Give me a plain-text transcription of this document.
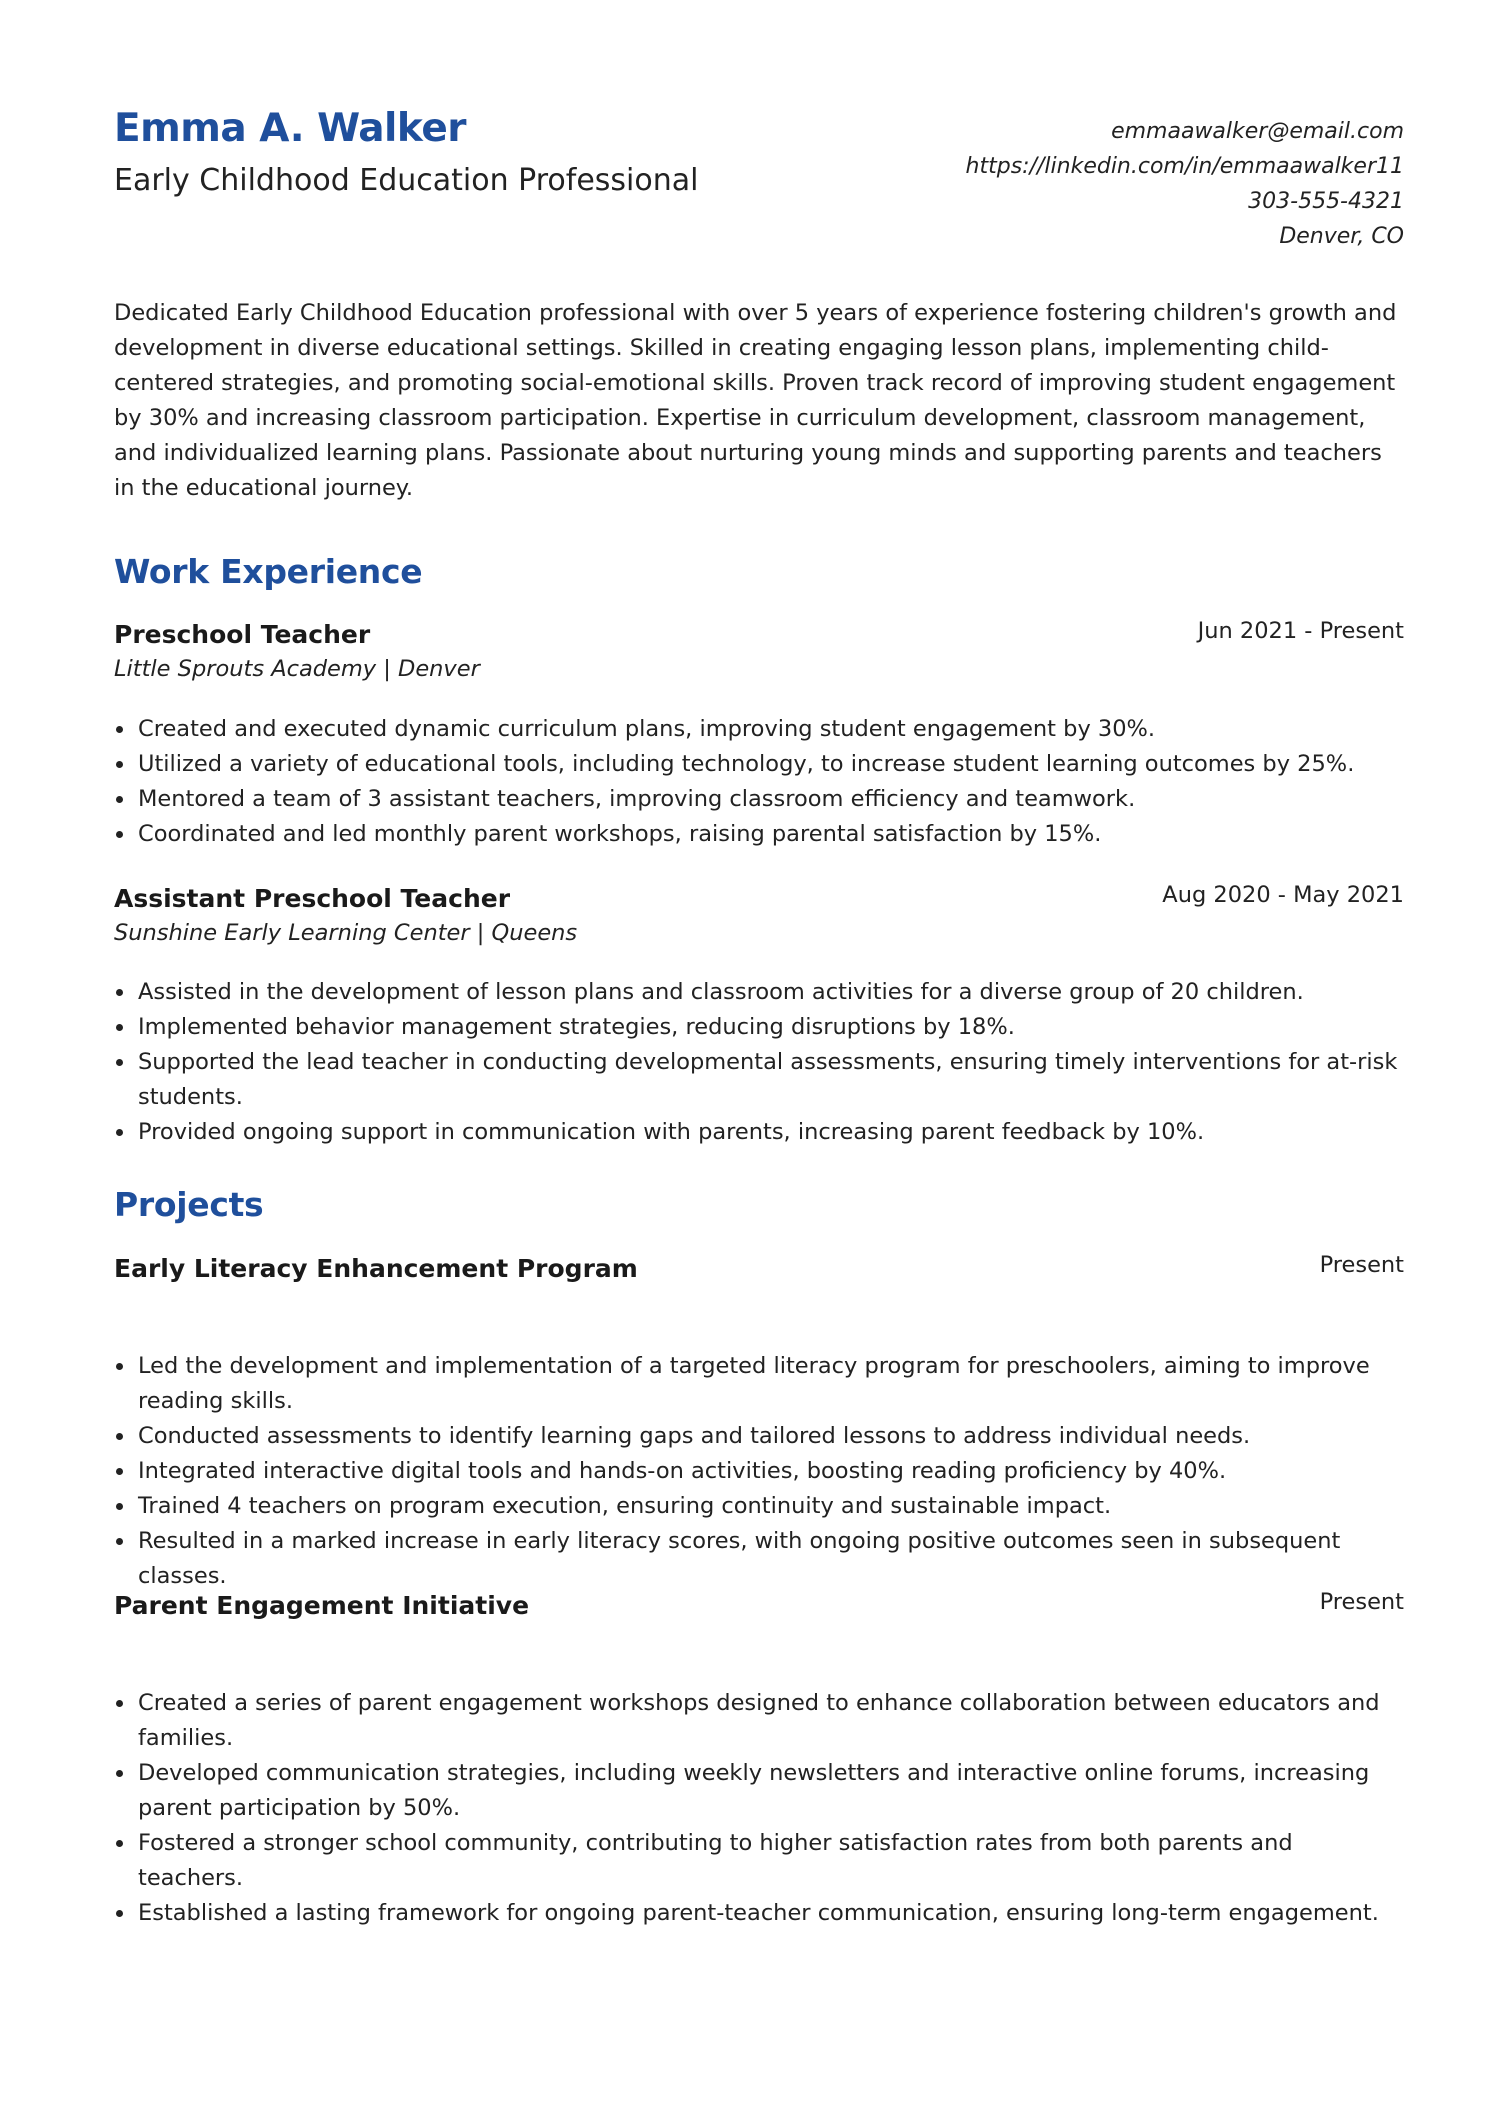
Emma A. Walker
Early Childhood Education Professional
emmaawalker@email.com
https://linkedin.com/in/emmaawalker11
303-555-4321
Denver, CO
Dedicated Early Childhood Education professional with over 5 years of experience fostering children's growth and development in diverse educational settings. Skilled in creating engaging lesson plans, implementing child-centered strategies, and promoting social-emotional skills. Proven track record of improving student engagement by 30% and increasing classroom participation. Expertise in curriculum development, classroom management, and individualized learning plans. Passionate about nurturing young minds and supporting parents and teachers in the educational journey.
Work Experience
Preschool Teacher	Jun 2021 - Present
Little Sprouts Academy | Denver
Created and executed dynamic curriculum plans, improving student engagement by 30%.
Utilized a variety of educational tools, including technology, to increase student learning outcomes by 25%.
Mentored a team of 3 assistant teachers, improving classroom efficiency and teamwork.
Coordinated and led monthly parent workshops, raising parental satisfaction by 15%.
Assistant Preschool Teacher	Aug 2020 - May 2021
Sunshine Early Learning Center | Queens
Assisted in the development of lesson plans and classroom activities for a diverse group of 20 children.
Implemented behavior management strategies, reducing disruptions by 18%.
Supported the lead teacher in conducting developmental assessments, ensuring timely interventions for at-risk students.
Provided ongoing support in communication with parents, increasing parent feedback by 10%.
Projects
Early Literacy Enhancement Program	Present
Led the development and implementation of a targeted literacy program for preschoolers, aiming to improve reading skills.
Conducted assessments to identify learning gaps and tailored lessons to address individual needs.
Integrated interactive digital tools and hands-on activities, boosting reading proficiency by 40%.
Trained 4 teachers on program execution, ensuring continuity and sustainable impact.
Resulted in a marked increase in early literacy scores, with ongoing positive outcomes seen in subsequent classes.
Parent Engagement Initiative	Present
Created a series of parent engagement workshops designed to enhance collaboration between educators and families.
Developed communication strategies, including weekly newsletters and interactive online forums, increasing parent participation by 50%.
Fostered a stronger school community, contributing to higher satisfaction rates from both parents and teachers.
Established a lasting framework for ongoing parent-teacher communication, ensuring long-term engagement.
